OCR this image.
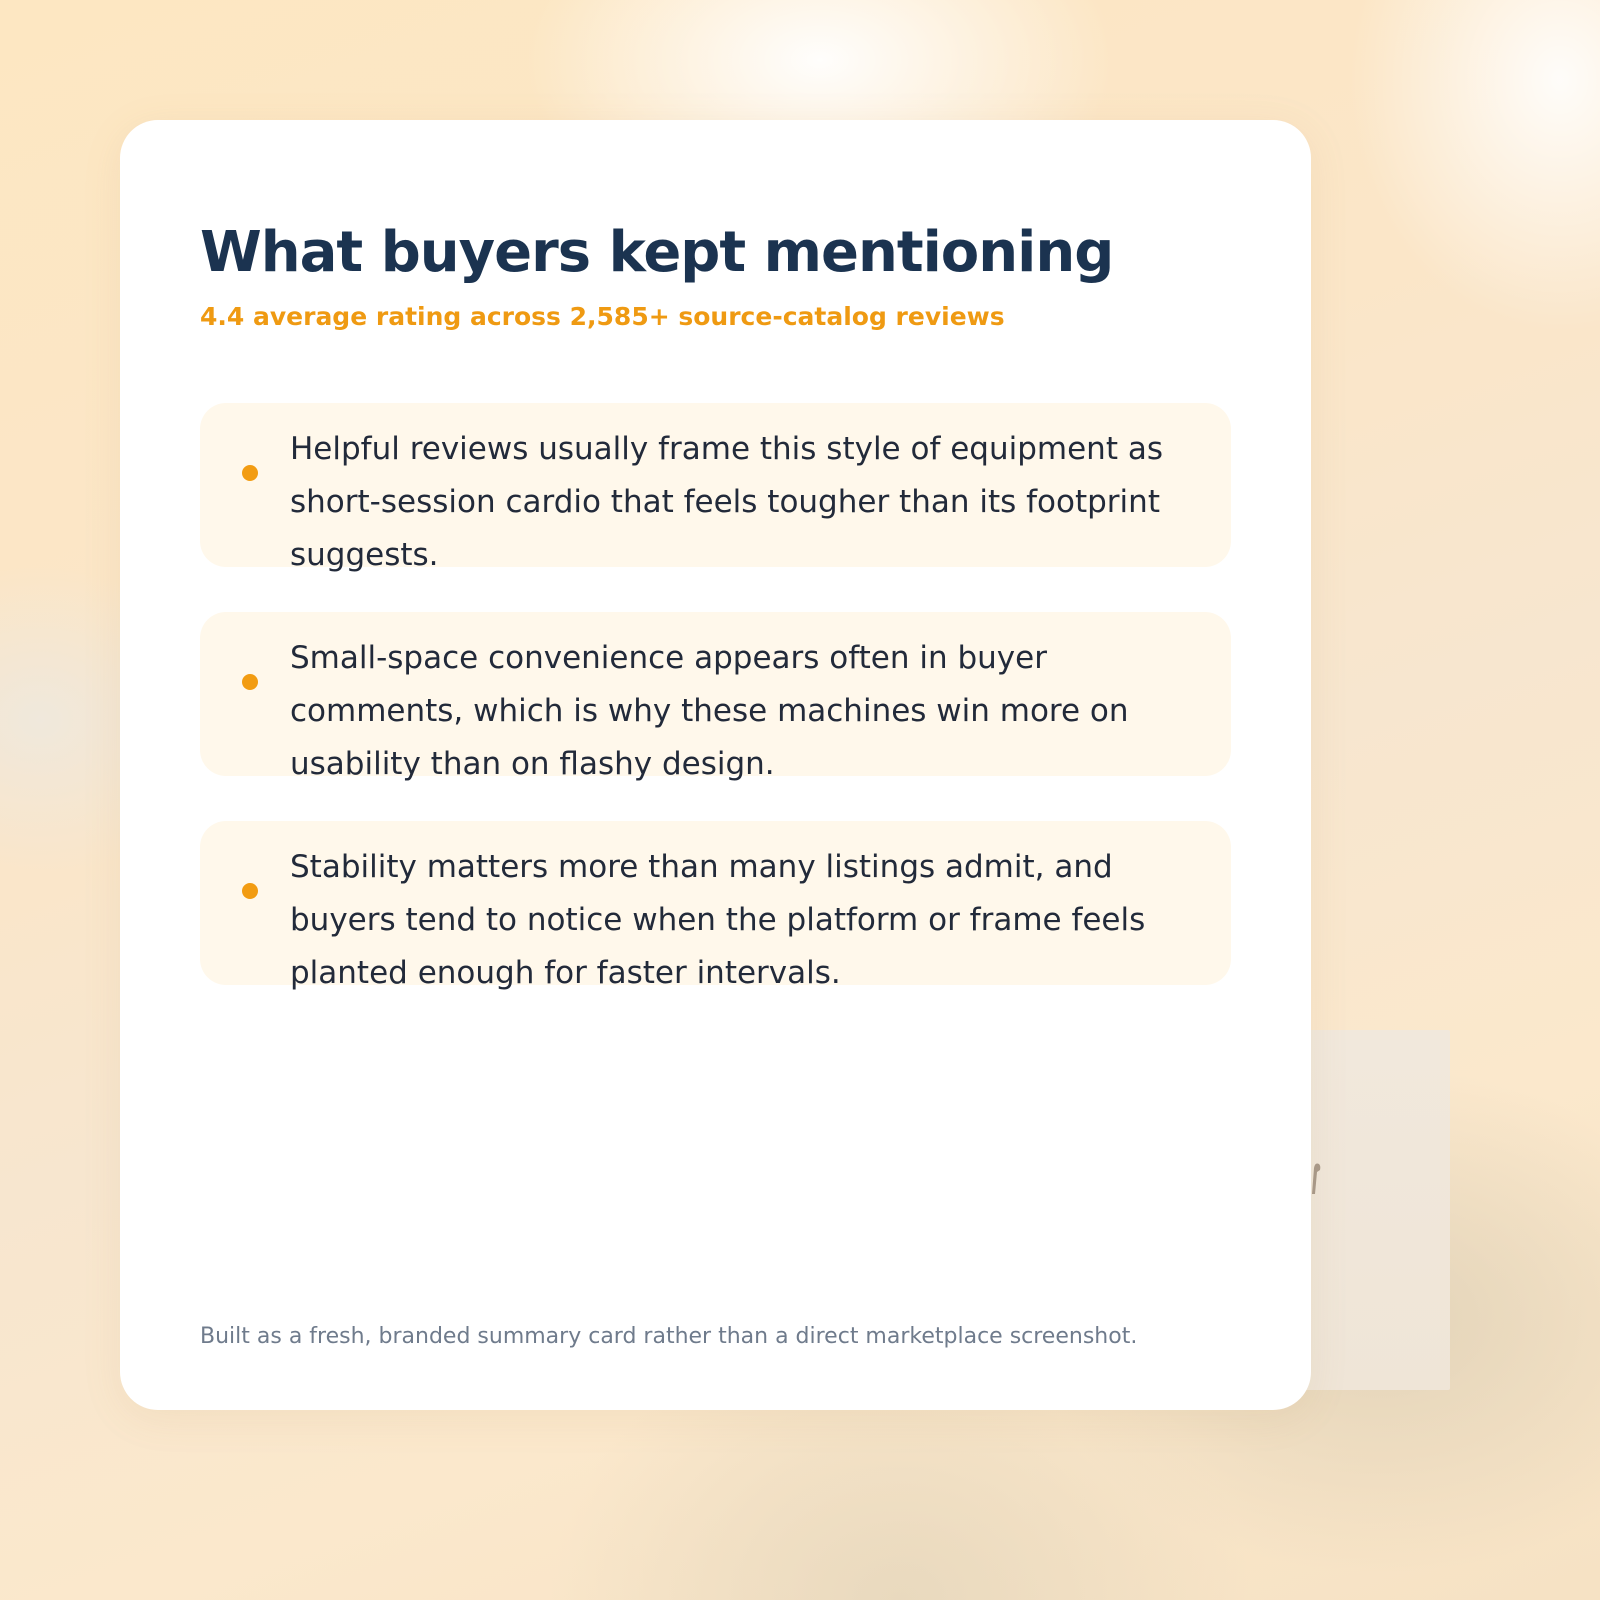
What buyers kept mentioning

4.4 average rating across 2,585+ source-catalog reviews

Helpful reviews usually frame this style of equipment as short-session cardio that feels tougher than its footprint suggests.

Small-space convenience appears often in buyer comments, which is why these machines win more on usability than on flashy design.

Stability matters more than many listings admit, and buyers tend to notice when the platform or frame feels planted enough for faster intervals.

Built as a fresh, branded summary card rather than a direct marketplace screenshot.
